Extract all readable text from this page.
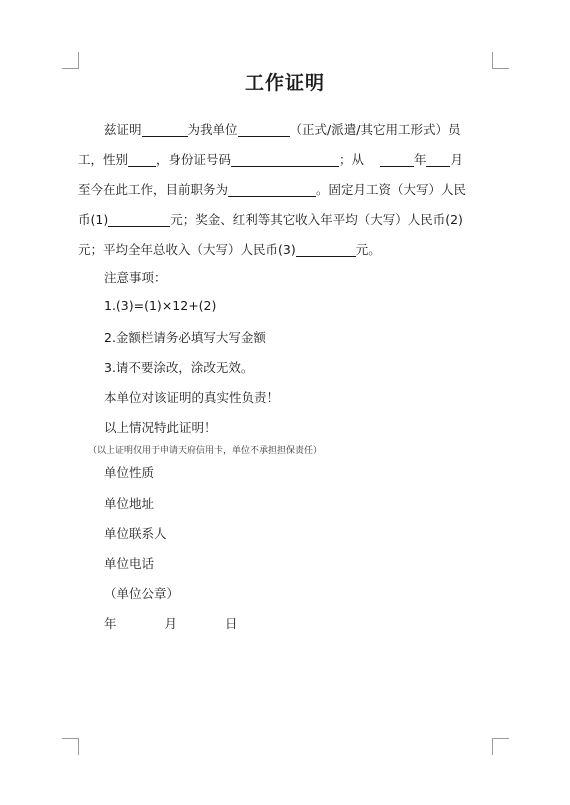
工作证明
兹证明	为我单位	（正式/派遣/其它用工形式）员
工，性别 ，身份证号码	；从	年 月
至今在此工作，目前职务为	。固定月工资（大写）人民
币(1)	元；奖金、红利等其它收入年平均（大写）人民币(2)
元；平均全年总收入（大写）人民币(3)	元。
注意事项：
1.(3)=(1)×12+(2)
2.金额栏请务必填写大写金额
3.请不要涂改，涂改无效。
本单位对该证明的真实性负责！
以上情况特此证明！
（以上证明仅用于申请天府信用卡，单位不承担担保责任）
单位性质
单位地址
单位联系人
单位电话
（单位公章）
年	月	日
